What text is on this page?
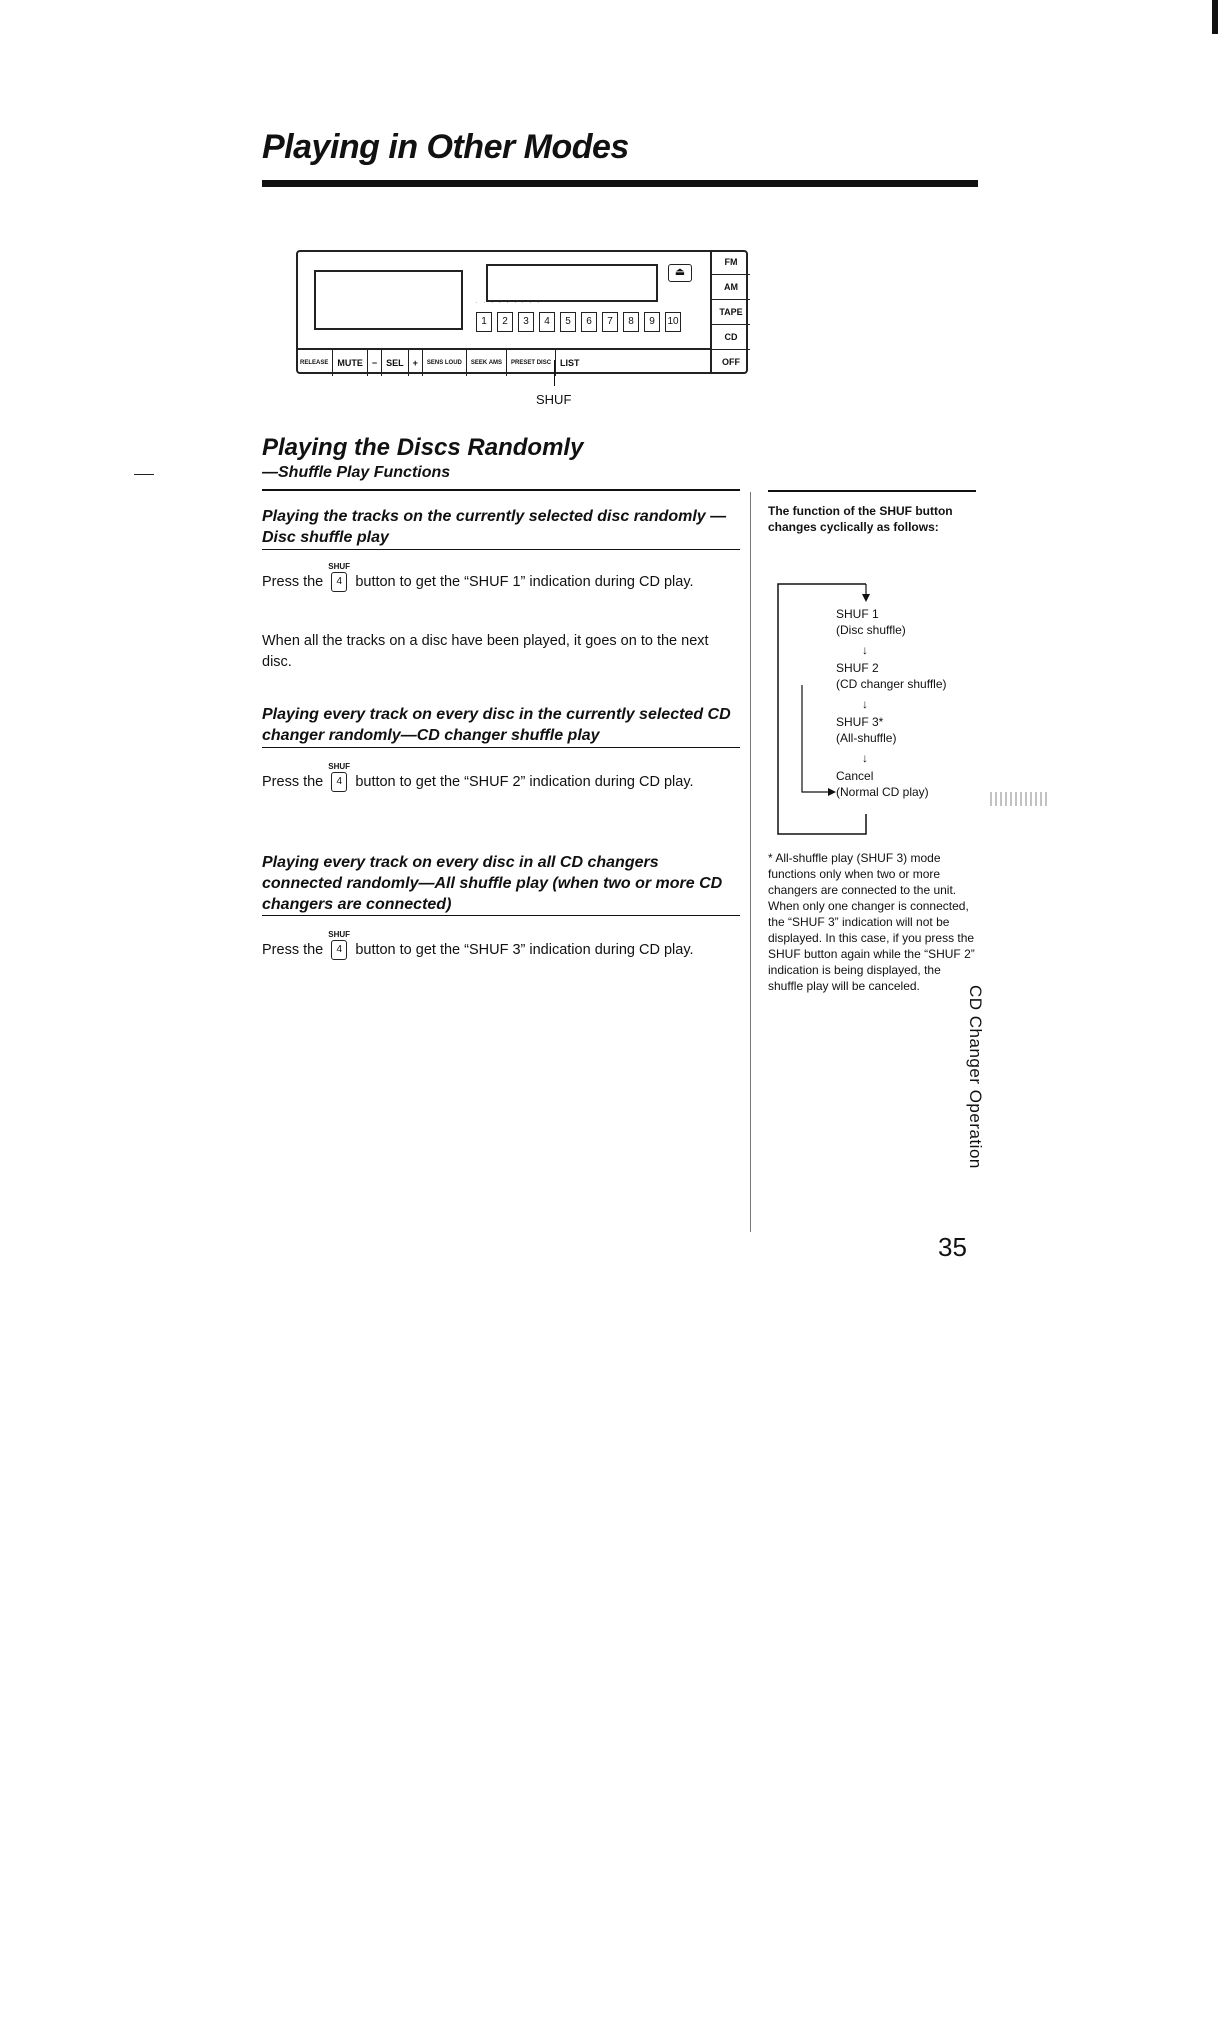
Playing in Other Modes
⏏
·········
1	2	3	4	5	6	7	8	9	10
FM
AM
TAPE
CD
OFF
RELEASE	MUTE	−	SEL	+	SENS LOUD	SEEK AMS	PRESET DISC	LIST
SHUF
Playing the Discs Randomly
—Shuffle Play Functions
Playing the tracks on the currently selected disc randomly —Disc shuffle play
Press the
SHUF
4 button to get the “SHUF 1” indication during CD play.
When all the tracks on a disc have been played, it goes on to the next disc.
Playing every track on every disc in the currently selected CD changer randomly—CD changer shuffle play
Press the
SHUF
4 button to get the “SHUF 2” indication during CD play.
Playing every track on every disc in all CD changers connected randomly—All shuffle play (when two or more CD changers are connected)
Press the
SHUF
4 button to get the “SHUF 3” indication during CD play.
The function of the SHUF button changes cyclically as follows:
SHUF 1
(Disc shuffle)
↓
SHUF 2
(CD changer shuffle)
↓
SHUF 3*
(All-shuffle)
↓
Cancel
(Normal CD play)
* All-shuffle play (SHUF 3) mode functions only when two or more changers are connected to the unit. When only one changer is connected, the “SHUF 3” indication will not be displayed. In this case, if you press the SHUF button again while the “SHUF 2” indication is being displayed, the shuffle play will be canceled.	CD Changer Operation
35
